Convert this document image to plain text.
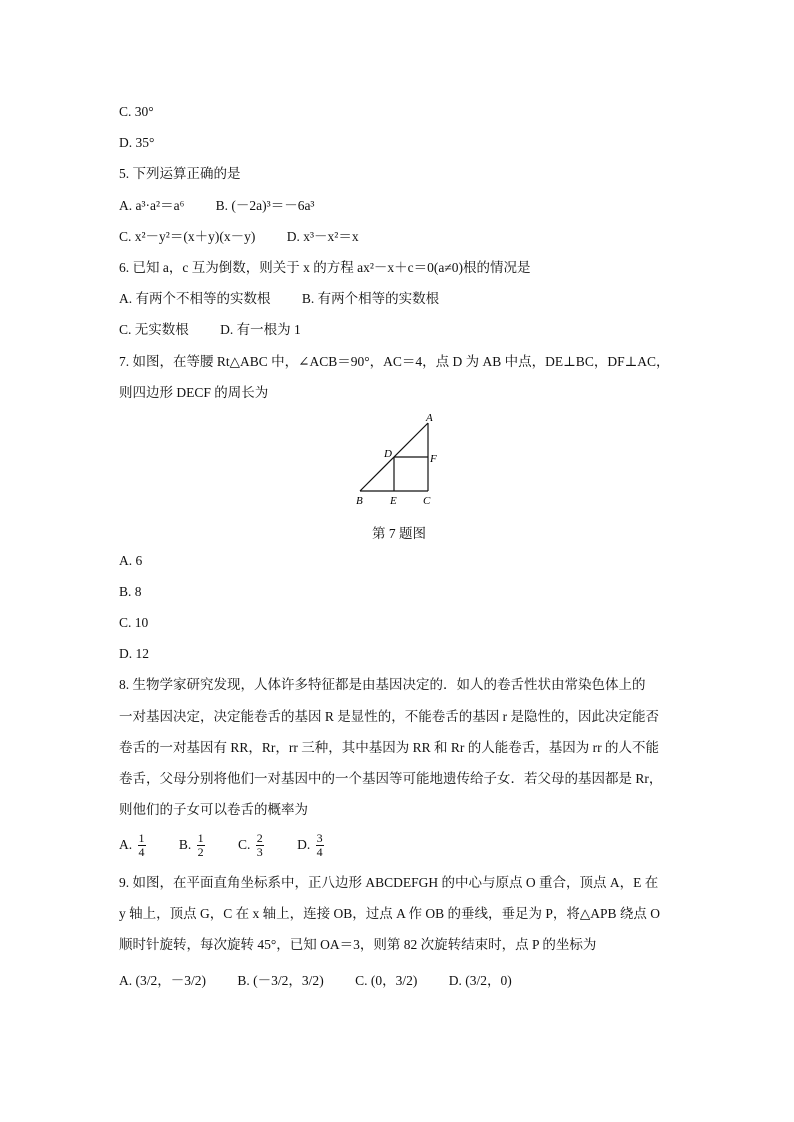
C. 30°
D. 35°
5. 下列运算正确的是
A. a³·a²＝a⁶ B. (－2a)³＝－6a³
C. x²－y²＝(x＋y)(x－y) D. x³－x²＝x
6. 已知 a，c 互为倒数，则关于 x 的方程 ax²－x＋c＝0(a≠0)根的情况是
A. 有两个不相等的实数根 B. 有两个相等的实数根
C. 无实数根 D. 有一根为 1
7. 如图，在等腰 Rt△ABC 中，∠ACB＝90°，AC＝4，点 D 为 AB 中点，DE⊥BC，DF⊥AC，
则四边形 DECF 的周长为
A
B	C
D
E
F
第 7 题图
A. 6
B. 8
C. 10
D. 12
8. 生物学家研究发现，人体许多特征都是由基因决定的．如人的卷舌性状由常染色体上的
一对基因决定，决定能卷舌的基因 R 是显性的，不能卷舌的基因 r 是隐性的，因此决定能否
卷舌的一对基因有 RR，Rr，rr 三种，其中基因为 RR 和 Rr 的人能卷舌，基因为 rr 的人不能
卷舌，父母分别将他们一对基因中的一个基因等可能地遗传给子女．若父母的基因都是 Rr，
则他们的子女可以卷舌的概率为
A. $\frac{1}{4} B$. $\frac{1}{2} C$. $\frac{2}{3} D$. $\frac{3}{4}$
9. 如图，在平面直角坐标系中，正八边形 ABCDEFGH 的中心与原点 O 重合，顶点 A，E 在
y 轴上，顶点 G，C 在 x 轴上，连接 OB，过点 A 作 OB 的垂线，垂足为 P，将△APB 绕点 O
顺时针旋转，每次旋转 45°，已知 OA＝3，则第 82 次旋转结束时，点 P 的坐标为
A. (3/2，－3/2) B. (－3/2，3/2) C. (0，3/2) D. (3/2，0)
